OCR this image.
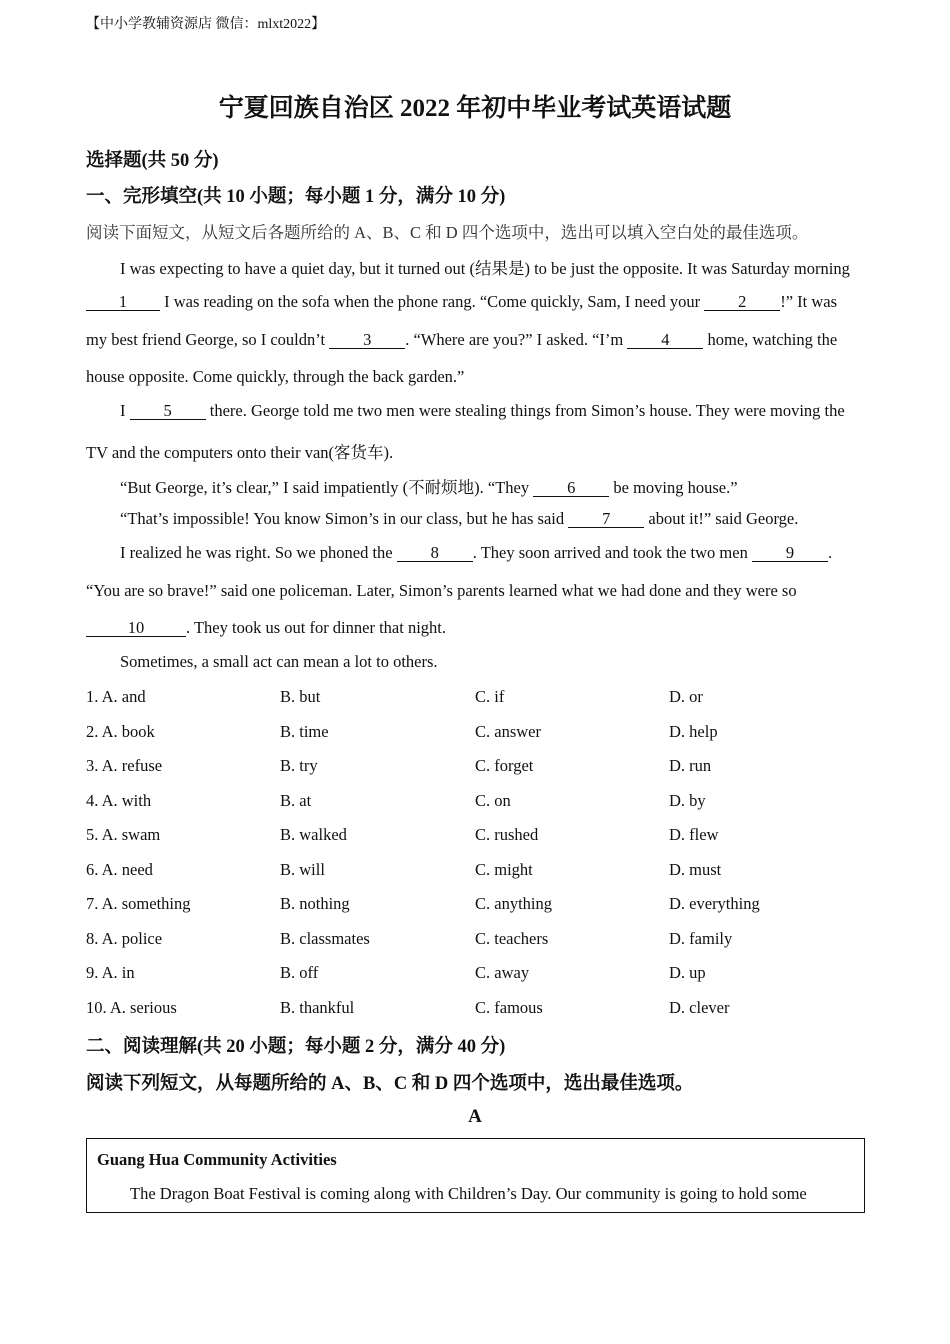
【中小学教辅资源店 微信：mlxt2022】
宁夏回族自治区 2022 年初中毕业考试英语试题
选择题(共 50 分)
一、完形填空(共 10 小题；每小题 1 分，满分 10 分)
阅读下面短文，从短文后各题所给的 A、B、C 和 D 四个选项中，选出可以填入空白处的最佳选项。
I was expecting to have a quiet day, but it turned out (结果是) to be just the opposite. It was Saturday morning
1 I was reading on the sofa when the phone rang. “Come quickly, Sam, I need your 2 !” It was
my best friend George, so I couldn’t 3 . “Where are you?” I asked. “I’m 4 home, watching the
house opposite. Come quickly, through the back garden.”
I 5 there. George told me two men were stealing things from Simon’s house. They were moving the
TV and the computers onto their van(客货车).
“But George, it’s clear,” I said impatiently (不耐烦地). “They 6 be moving house.”
“That’s impossible! You know Simon’s in our class, but he has said 7 about it!” said George.
I realized he was right. So we phoned the 8 . They soon arrived and took the two men 9 .
“You are so brave!” said one policeman. Later, Simon’s parents learned what we had done and they were so
10	. They took us out for dinner that night.
Sometimes, a small act can mean a lot to others.
1. A. and	B. but	C. if	D. or
2. A. book	B. time	C. answer	D. help
3. A. refuse	B. try	C. forget	D. run
4. A. with	B. at	C. on	D. by
5. A. swam	B. walked	C. rushed	D. flew
6. A. need	B. will	C. might	D. must
7. A. something	B. nothing	C. anything	D. everything
8. A. police	B. classmates	C. teachers	D. family
9. A. in	B. off	C. away	D. up
10. A. serious	B. thankful	C. famous	D. clever
二、阅读理解(共 20 小题；每小题 2 分，满分 40 分)
阅读下列短文，从每题所给的 A、B、C 和 D 四个选项中，选出最佳选项。
A
Guang Hua Community Activities
The Dragon Boat Festival is coming along with Children’s Day. Our community is going to hold some
